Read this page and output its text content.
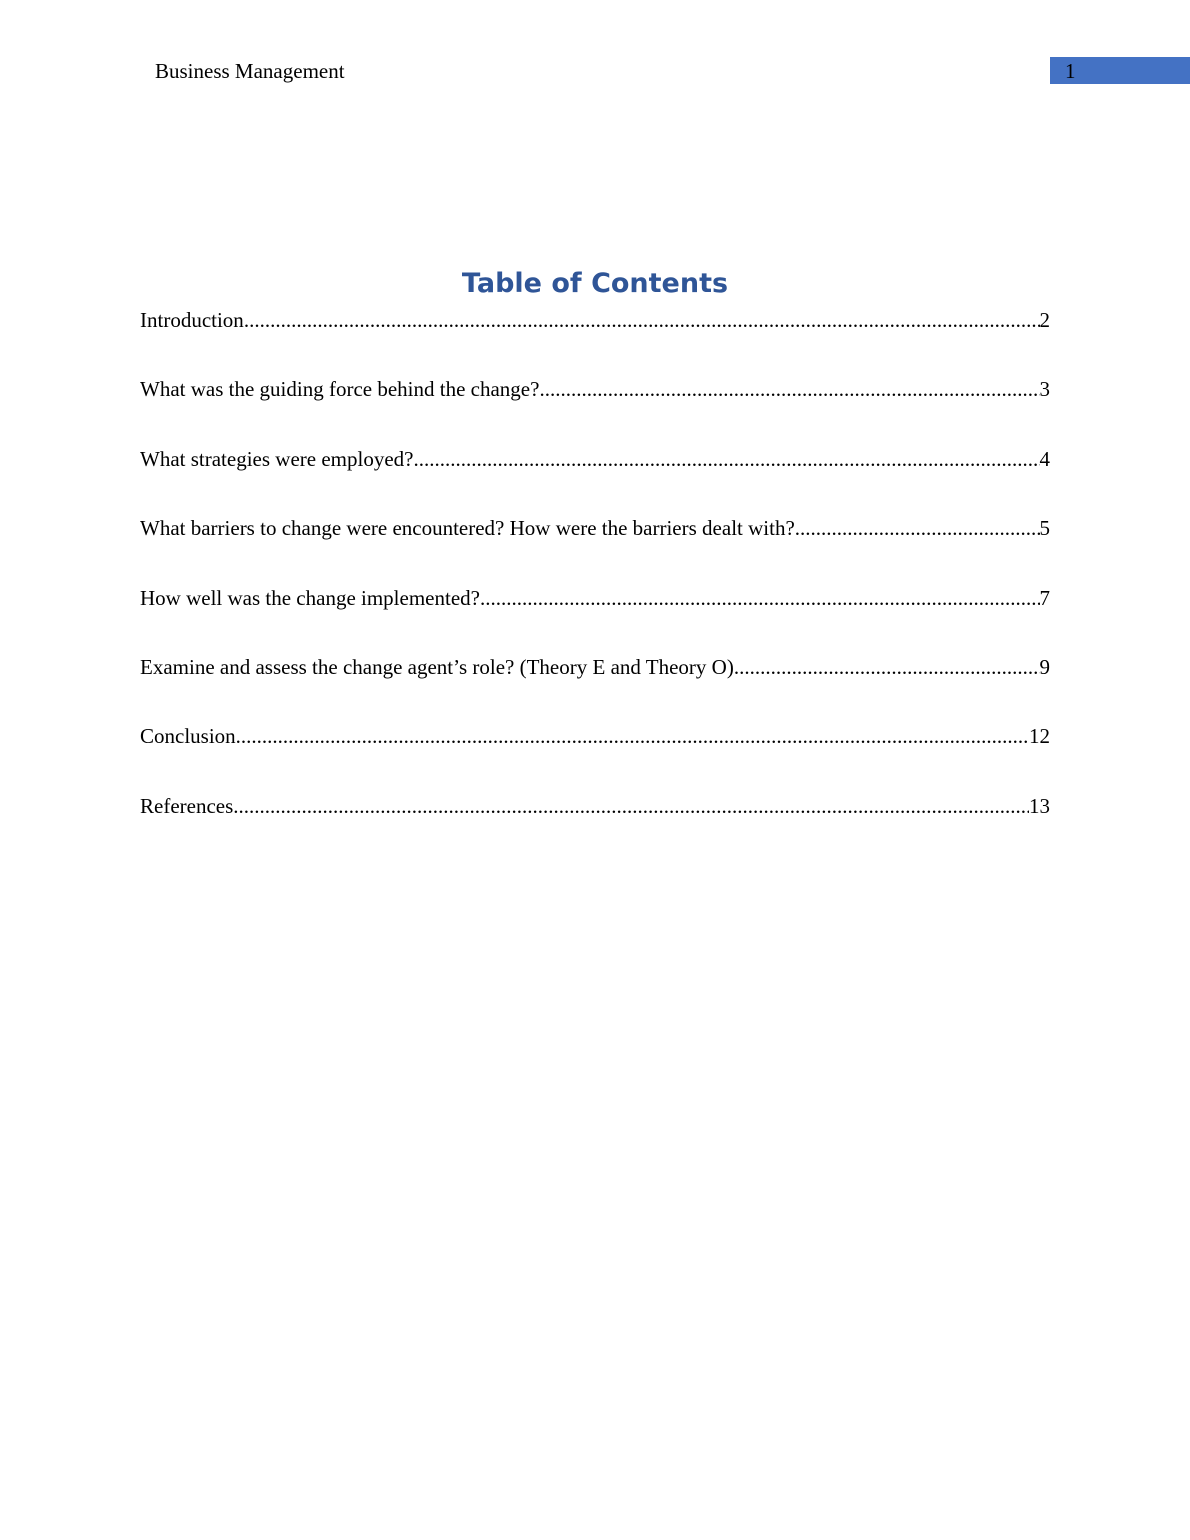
Business Management	1
Table of Contents
Introduction .....	2
What was the guiding force behind the change? .....	3
What strategies were employed? .....	4
What barriers to change were encountered? How were the barriers dealt with? .....	5
How well was the change implemented? .....	7
Examine and assess the change agent’s role? (Theory E and Theory O) .....	9
Conclusion .....	12
References .....	13
